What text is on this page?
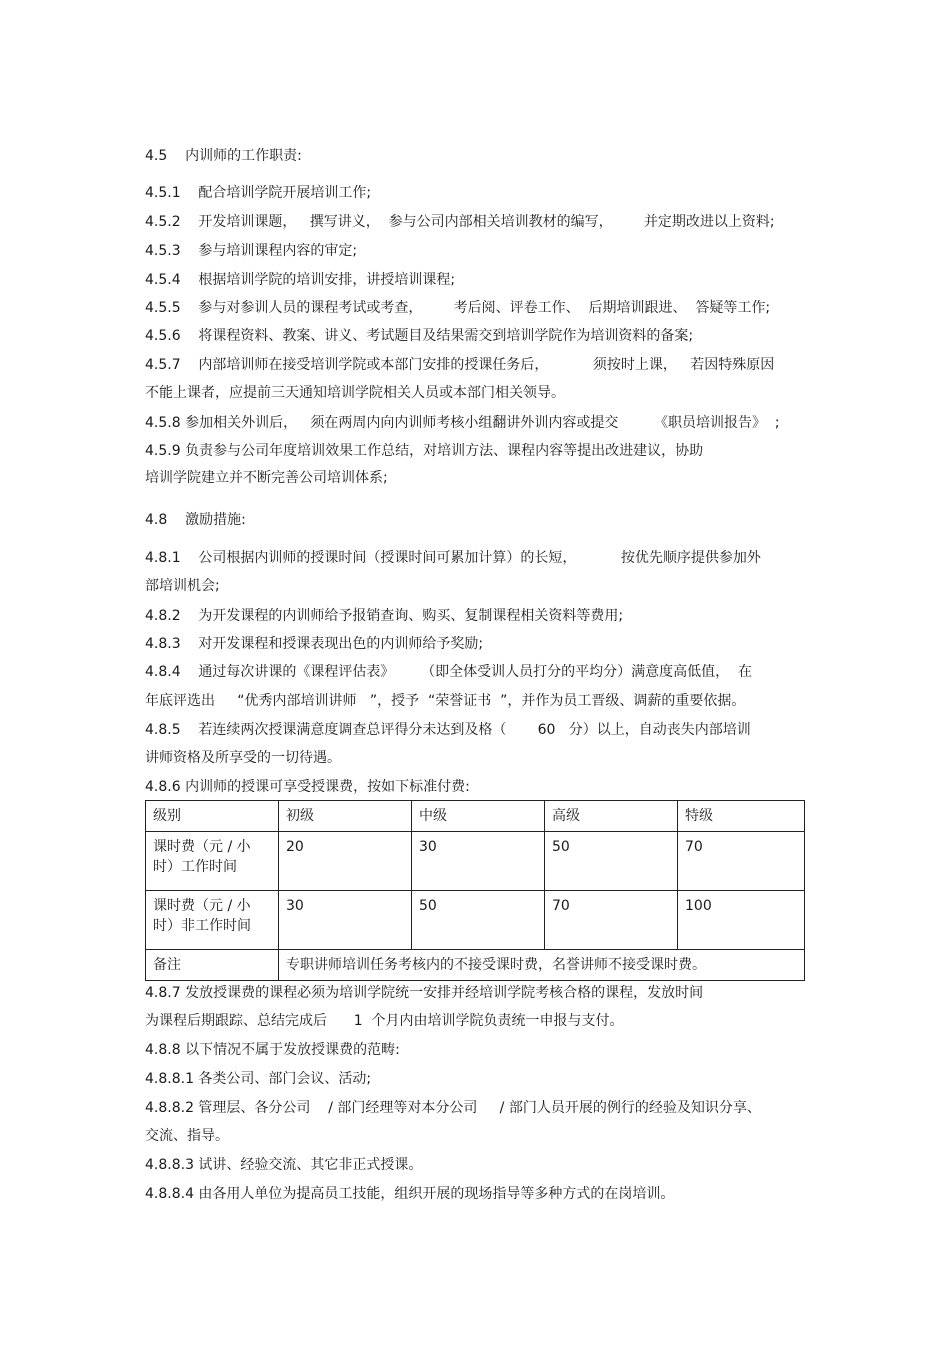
4.5    内训师的工作职责:
4.5.1    配合培训学院开展培训工作;
4.5.2    开发培训课题，   撰写讲义，  参与公司内部相关培训教材的编写，       并定期改进以上资料;
4.5.3    参与培训课程内容的审定;
4.5.4    根据培训学院的培训安排，讲授培训课程;
4.5.5    参与对参训人员的课程考试或考查，       考后阅、评卷工作、  后期培训跟进、  答疑等工作;
4.5.6    将课程资料、教案、讲义、考试题目及结果需交到培训学院作为培训资料的备案;
4.5.7    内部培训师在接受培训学院或本部门安排的授课任务后，          须按时上课，   若因特殊原因
不能上课者，应提前三天通知培训学院相关人员或本部门相关领导。
4.5.8 参加相关外训后，   须在两周内向内训师考核小组翻讲外训内容或提交        《职员培训报告》  ;
4.5.9 负责参与公司年度培训效果工作总结，对培训方法、课程内容等提出改进建议，协助
培训学院建立并不断完善公司培训体系;
4.8    激励措施:
4.8.1    公司根据内训师的授课时间（授课时间可累加计算）的长短，          按优先顺序提供参加外
部培训机会;
4.8.2    为开发课程的内训师给予报销查询、购买、复制课程相关资料等费用;
4.8.3    对开发课程和授课表现出色的内训师给予奖励;
4.8.4    通过每次讲课的《课程评估表》      （即全体受训人员打分的平均分）满意度高低值，  在
年底评选出     “优秀内部培训讲师   ”，授予  “荣誉证书  ”，并作为员工晋级、调薪的重要依据。
4.8.5    若连续两次授课满意度调查总评得分未达到及格（       60   分）以上，自动丧失内部培训
讲师资格及所享受的一切待遇。
4.8.6 内训师的授课可享受授课费，按如下标准付费:
级别	初级	中级	高级	特级
课时费（元 / 小时）工作时间	20	30	50	70
课时费（元 / 小时）非工作时间	30	50	70	100
备注	专职讲师培训任务考核内的不接受课时费，名誉讲师不接受课时费。			
4.8.7 发放授课费的课程必须为培训学院统一安排并经培训学院考核合格的课程，发放时间
为课程后期跟踪、总结完成后      1  个月内由培训学院负责统一申报与支付。
4.8.8 以下情况不属于发放授课费的范畴:
4.8.8.1 各类公司、部门会议、活动;
4.8.8.2 管理层、各分公司    / 部门经理等对本分公司     / 部门人员开展的例行的经验及知识分享、
交流、指导。
4.8.8.3 试讲、经验交流、其它非正式授课。
4.8.8.4 由各用人单位为提高员工技能，组织开展的现场指导等多种方式的在岗培训。
